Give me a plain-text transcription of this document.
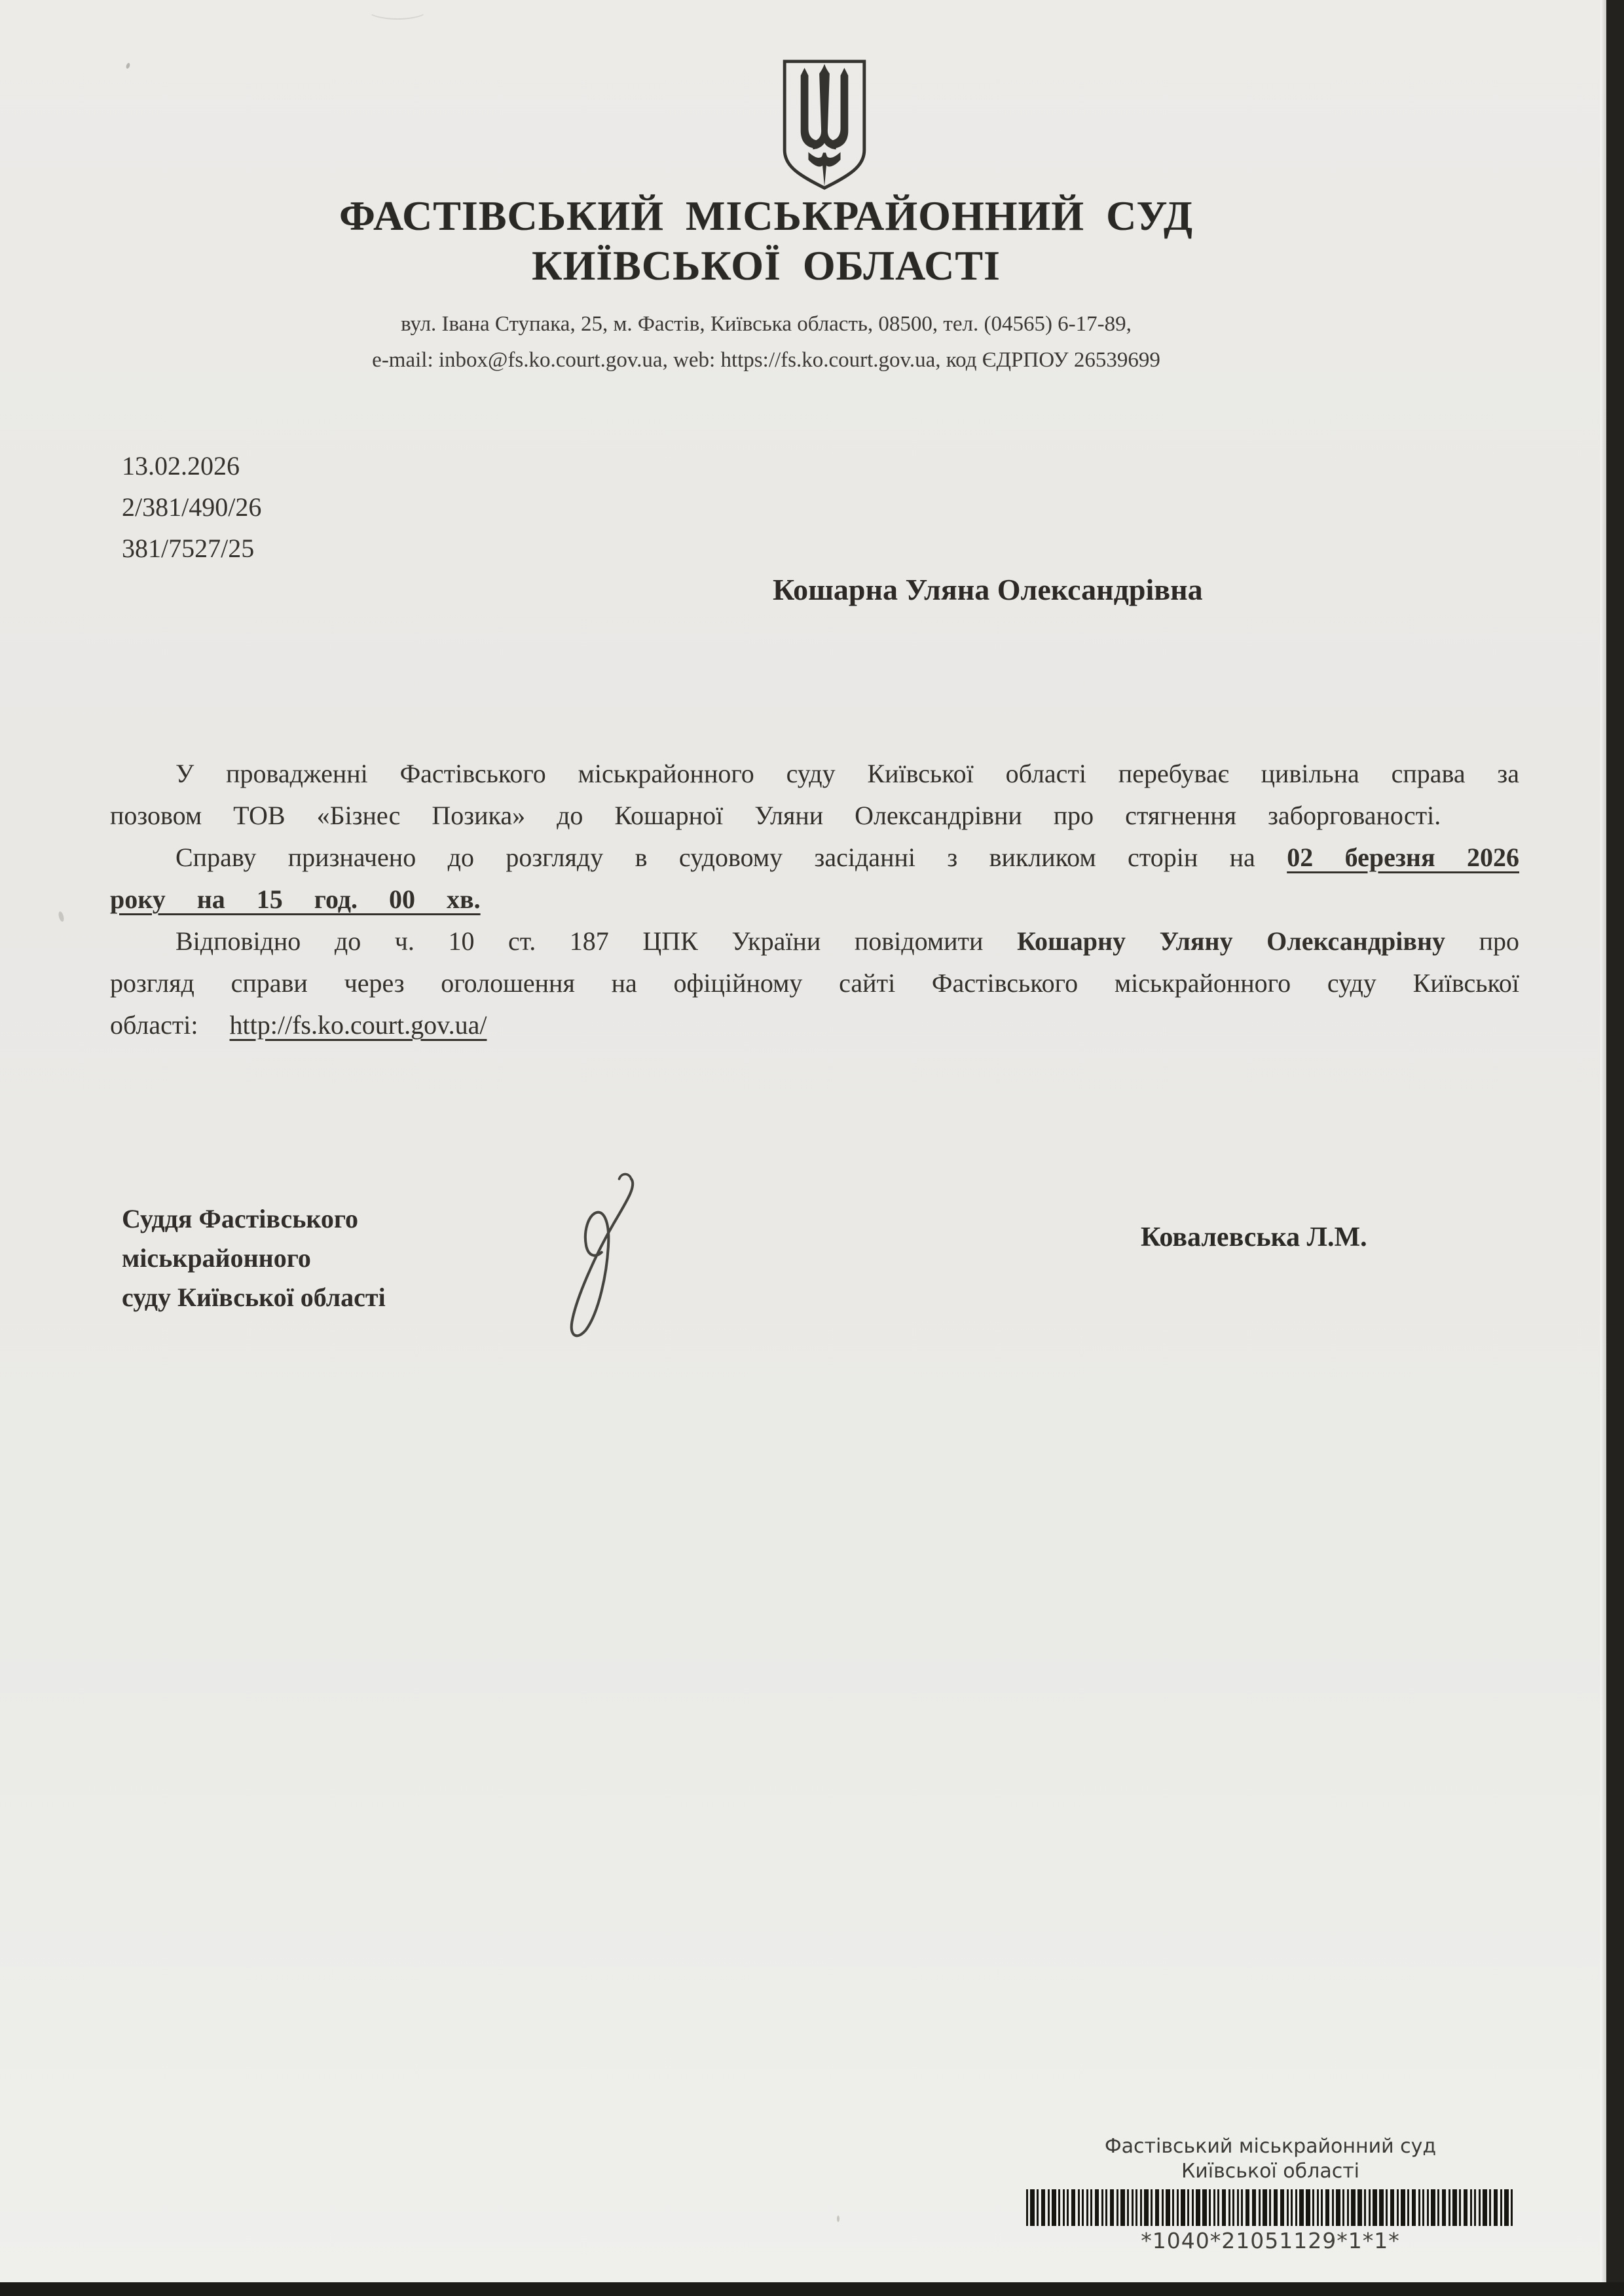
ФАСТІВСЬКИЙ МІСЬКРАЙОННИЙ СУД
КИЇВСЬКОЇ ОБЛАСТІ
вул. Івана Ступака, 25, м. Фастів, Київська область, 08500, тел. (04565) 6-17-89,
e-mail: inbox@fs.ko.court.gov.ua, web: https://fs.ko.court.gov.ua, код ЄДРПОУ 26539699
13.02.2026
2/381/490/26
381/7527/25
Кошарна Уляна Олександрівна

У провадженні Фастівського міськрайонного суду Київської області перебуває цивільна справа за позовом ТОВ «Бізнес Позика» до Кошарної Уляни Олександрівни про стягнення заборгованості.

Справу призначено до розгляду в судовому засіданні з викликом сторін на 02 березня 2026 року на 15 год. 00 хв.

Відповідно до ч. 10 ст. 187 ЦПК України повідомити Кошарну Уляну Олександрівну про розгляд справи через оголошення на офіційному сайті Фастівського міськрайонного суду Київської області: http://fs.ko.court.gov.ua/

Суддя Фастівського
міськрайонного
суду Київської області
Ковалевська Л.М.
Фастівський міськрайонний суд
Київської області
*1040*21051129*1*1*
